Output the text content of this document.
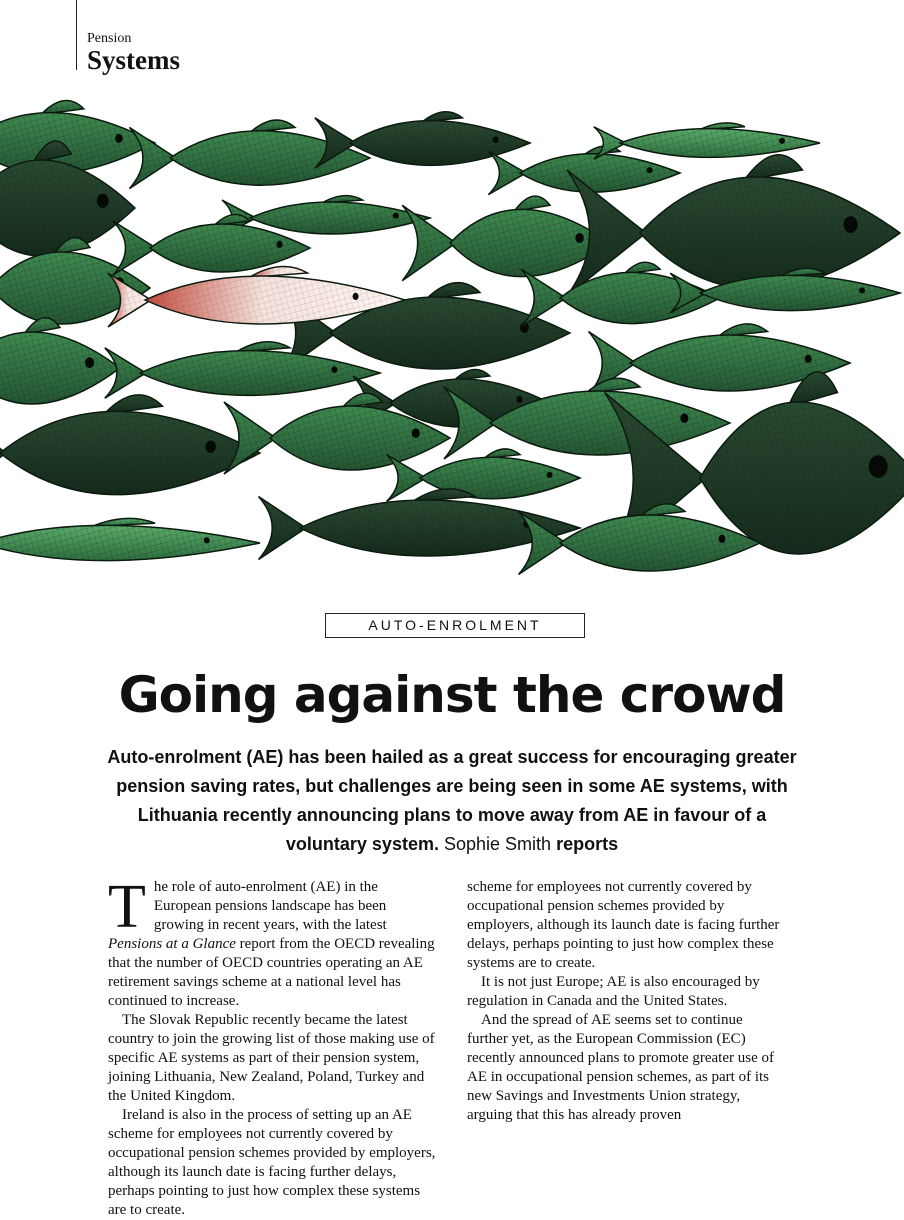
Pension
Systems
AUTO-ENROLMENT
Going against the crowd
Auto-enrolment (AE) has been hailed as a great success for encouraging greater pension saving rates, but challenges are being seen in some AE systems, with Lithuania recently announcing plans to move away from AE in favour of a voluntary system. Sophie Smith reports

The role of auto-enrolment (AE) in the European pensions landscape has been growing in recent years, with the latest Pensions at a Glance report from the OECD revealing that the number of OECD countries operating an AE retirement savings scheme at a national level has continued to increase.

The Slovak Republic recently became the latest country to join the growing list of those making use of specific AE systems as part of their pension system, joining Lithuania, New Zealand, Poland, Turkey and the United Kingdom.

Ireland is also in the process of setting up an AE scheme for employees not currently covered by occupational pension schemes provided by employers, although its launch date is facing further delays, perhaps pointing to just how complex these systems are to create.

scheme for employees not currently covered by occupational pension schemes provided by employers, although its launch date is facing further delays, perhaps pointing to just how complex these systems are to create.

It is not just Europe; AE is also encouraged by regulation in Canada and the United States.

And the spread of AE seems set to continue further yet, as the European Commission (EC) recently announced plans to promote greater use of AE in occupational pension schemes, as part of its new Savings and Investments Union strategy, arguing that this has already proven
